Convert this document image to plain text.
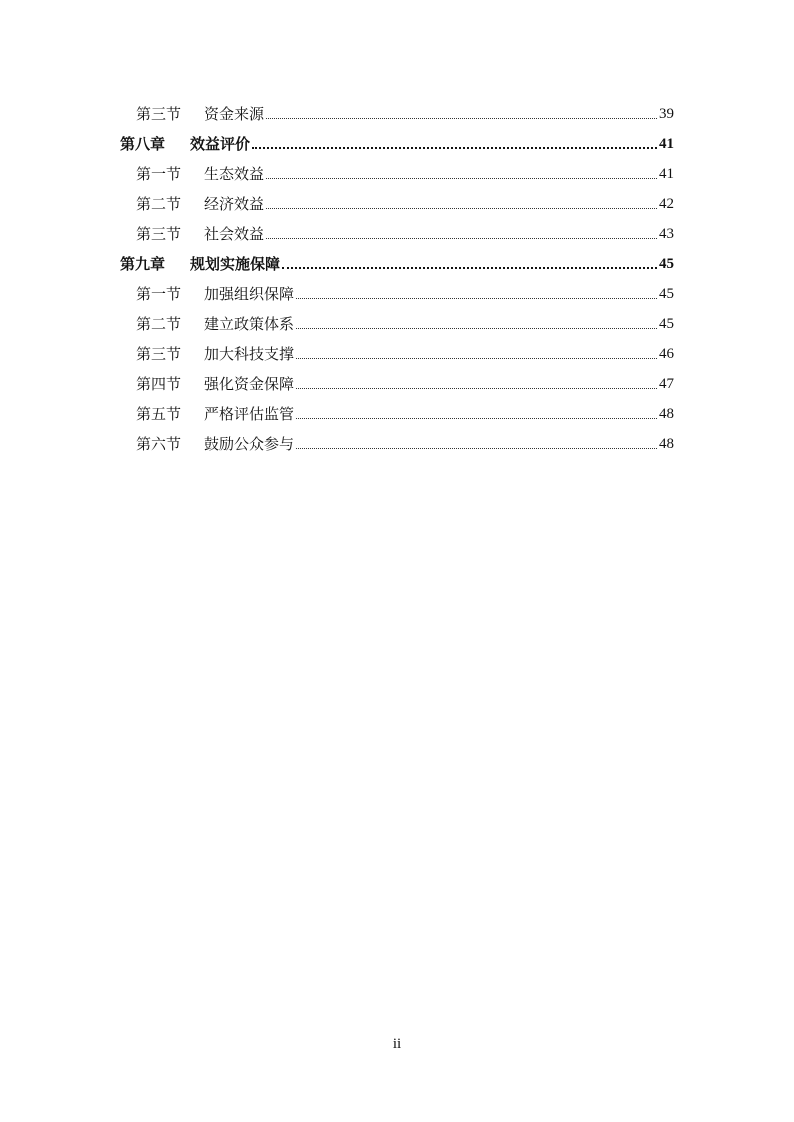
第三节	资金来源	39
第八章	效益评价	41
第一节	生态效益	41
第二节	经济效益	42
第三节	社会效益	43
第九章	规划实施保障	45
第一节	加强组织保障	45
第二节	建立政策体系	45
第三节	加大科技支撑	46
第四节	强化资金保障	47
第五节	严格评估监管	48
第六节	鼓励公众参与	48
ii
